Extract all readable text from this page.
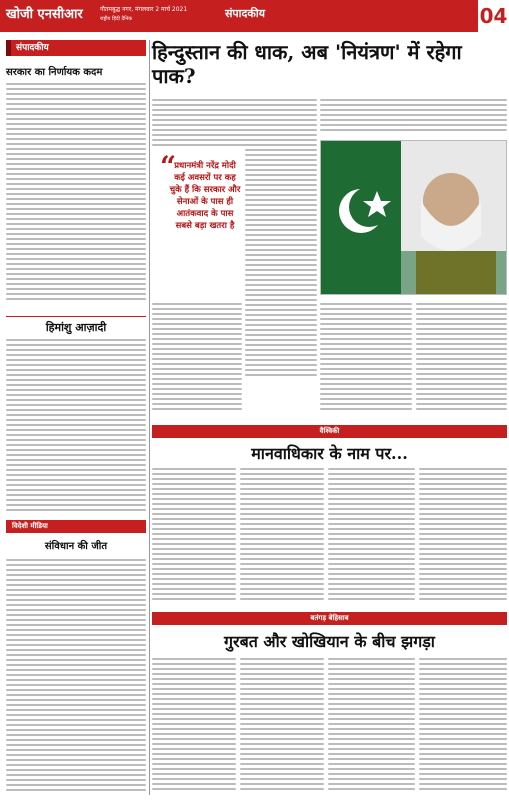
खोजी एनसीआर	गौतमबुद्ध नगर, मंगलवार 2 मार्च 2021
राष्ट्रीय हिंदी दैनिक	संपादकीय	04
संपादकीय
सरकार का निर्णायक कदम
हिमांशु आज़ादी
विदेशी मीडिया
संविधान की जीत
हिन्दुस्तान की धाक, अब 'नियंत्रण' में रहेगा पाक?
“
प्रधानमंत्री नरेंद्र मोदी कई अवसरों पर कह चुके हैं कि सरकार और सेनाओं के पास ही आतंकवाद के पास सबसे बड़ा खतरा है
वैश्विकी
मानवाधिकार के नाम पर...
बतंगड़ बेहिसाब
गुरबत और खोखियान के बीच झगड़ा
